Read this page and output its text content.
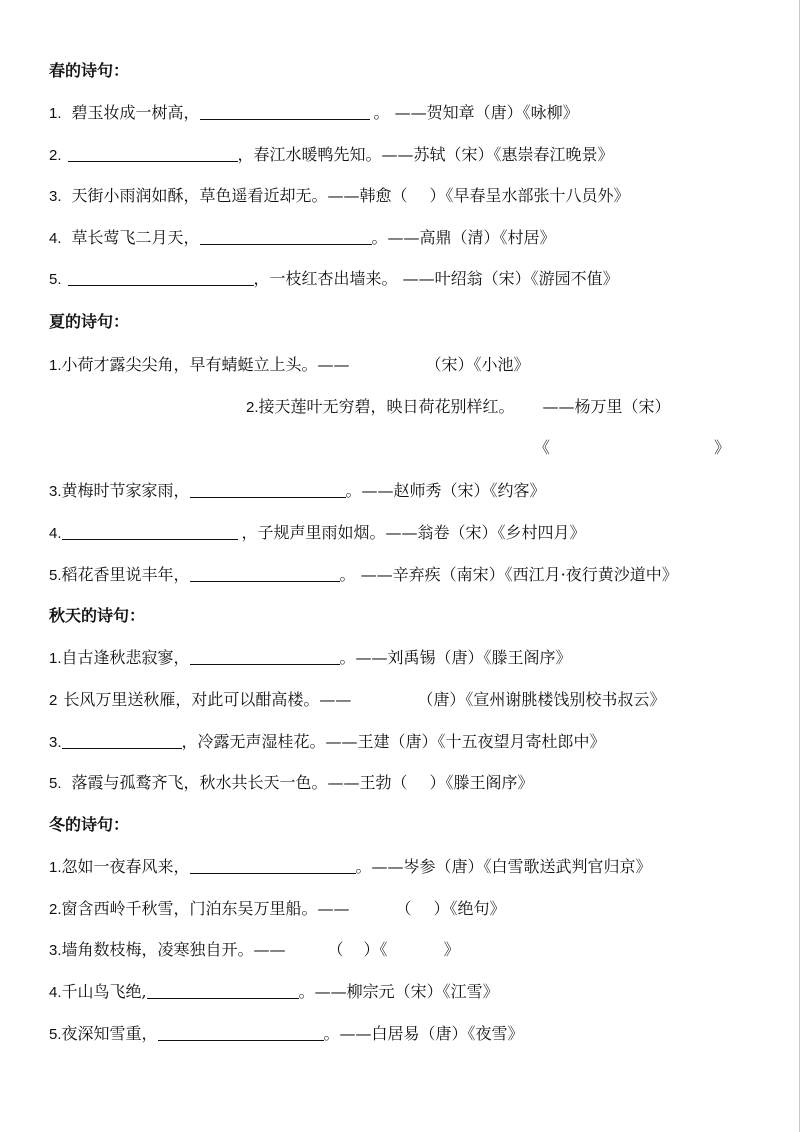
春的诗句：
1. 碧玉妆成一树高，	。 ——贺知章（唐）《咏柳》
2.	，春江水暖鸭先知。——苏轼（宋）《惠崇春江晚景》
3. 天街小雨润如酥，草色遥看近却无。——韩愈（ ）《早春呈水部张十八员外》
4. 草长莺飞二月天，	。——高鼎（清）《村居》
5.	，一枝红杏出墙来。 ——叶绍翁（宋）《游园不值》
夏的诗句：
1.小荷才露尖尖角，早有蜻蜓立上头。——	（宋）《小池》
2.接天莲叶无穷碧，映日荷花别样红。 ——杨万里（宋）
《	》
3.黄梅时节家家雨，	。——赵师秀（宋）《约客》
4.	，子规声里雨如烟。——翁卷（宋）《乡村四月》
5.稻花香里说丰年，	。 ——辛弃疾（南宋）《西江月·夜行黄沙道中》
秋天的诗句：
1.自古逢秋悲寂寥，	。——刘禹锡（唐）《滕王阁序》
2 长风万里送秋雁，对此可以酣高楼。——	（唐）《宣州谢朓楼饯别校书叔云》
3.	，冷露无声湿桂花。——王建（唐）《十五夜望月寄杜郎中》
5. 落霞与孤鹜齐飞，秋水共长天一色。——王勃（ ）《滕王阁序》
冬的诗句：
1.忽如一夜春风来，	。——岑参（唐）《白雪歌送武判官归京》
2.窗含西岭千秋雪，门泊东吴万里船。——	（ ）《绝句》
3.墙角数枝梅，凌寒独自开。——	（ ）《	》
4.千山鸟飞绝,	。——柳宗元（宋）《江雪》
5.夜深知雪重，	。——白居易（唐）《夜雪》
